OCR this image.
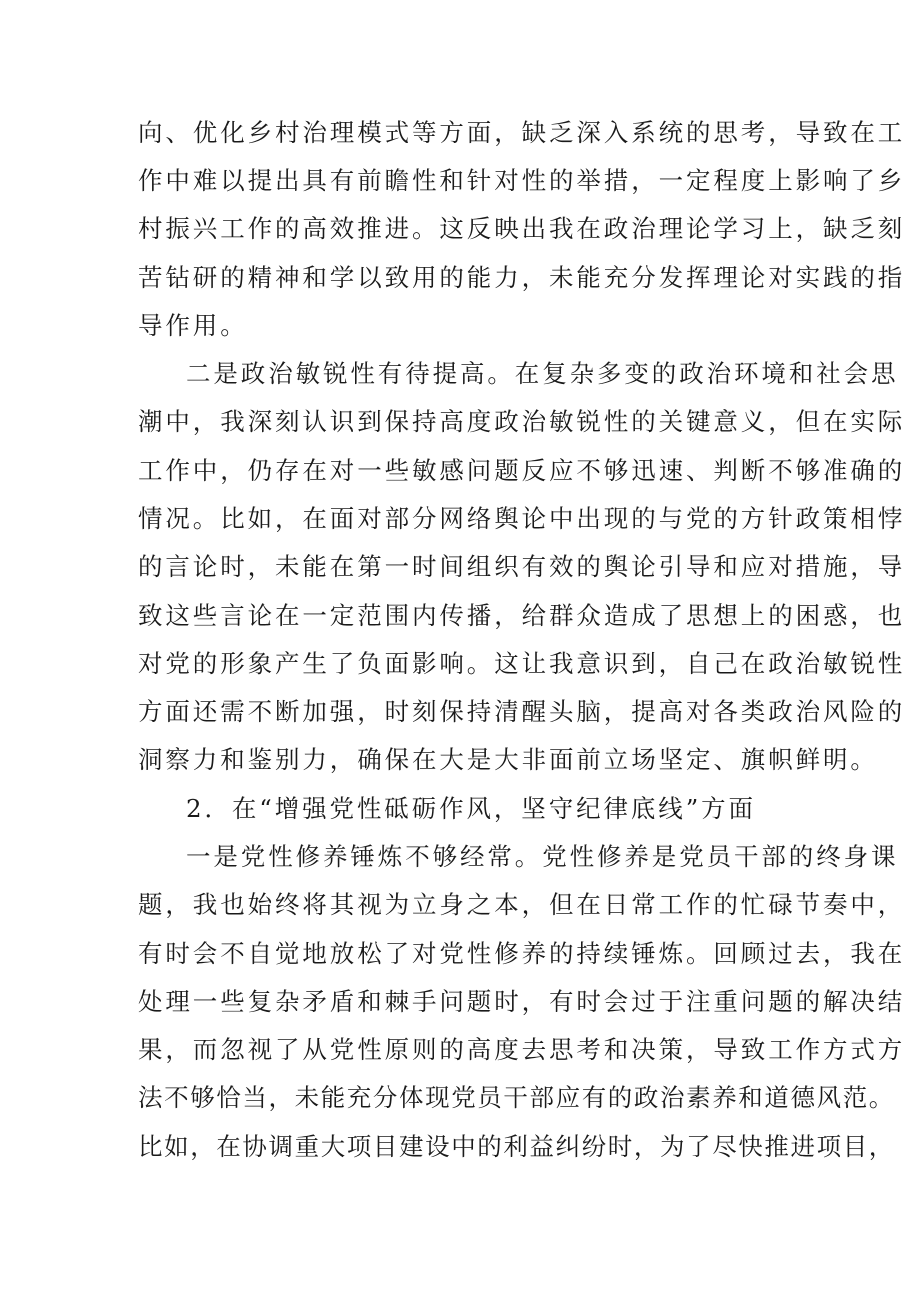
向、优化乡村治理模式等方面，缺乏深入系统的思考，导致在工
作中难以提出具有前瞻性和针对性的举措，一定程度上影响了乡
村振兴工作的高效推进。这反映出我在政治理论学习上，缺乏刻
苦钻研的精神和学以致用的能力，未能充分发挥理论对实践的指
导作用。
二是政治敏锐性有待提高。在复杂多变的政治环境和社会思
潮中，我深刻认识到保持高度政治敏锐性的关键意义，但在实际
工作中，仍存在对一些敏感问题反应不够迅速、判断不够准确的
情况。比如，在面对部分网络舆论中出现的与党的方针政策相悖
的言论时，未能在第一时间组织有效的舆论引导和应对措施，导
致这些言论在一定范围内传播，给群众造成了思想上的困惑，也
对党的形象产生了负面影响。这让我意识到，自己在政治敏锐性
方面还需不断加强，时刻保持清醒头脑，提高对各类政治风险的
洞察力和鉴别力，确保在大是大非面前立场坚定、旗帜鲜明。
2．在“增强党性砥砺作风，坚守纪律底线”方面
一是党性修养锤炼不够经常。党性修养是党员干部的终身课
题，我也始终将其视为立身之本，但在日常工作的忙碌节奏中，
有时会不自觉地放松了对党性修养的持续锤炼。回顾过去，我在
处理一些复杂矛盾和棘手问题时，有时会过于注重问题的解决结
果，而忽视了从党性原则的高度去思考和决策，导致工作方式方
法不够恰当，未能充分体现党员干部应有的政治素养和道德风范。
比如，在协调重大项目建设中的利益纠纷时，为了尽快推进项目，
